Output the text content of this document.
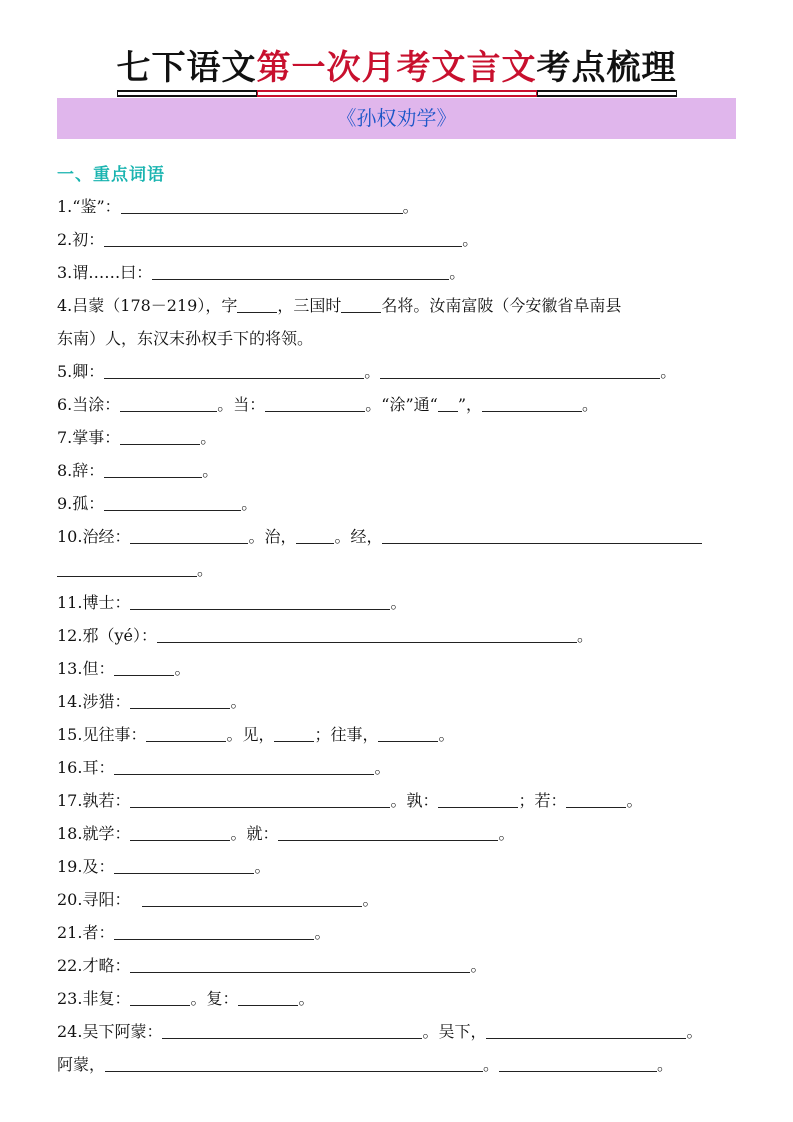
七下语文第一次月考文言文考点梳理
《孙权劝学》
一、重点词语
1.“鉴”：	。
2.初：	。
3.谓……曰：	。
4.吕蒙（178－219），字	，三国时	名将。汝南富陂（今安徽省阜南县
东南）人，东汉末孙权手下的将领。
5.卿：	。	。
6.当涂：	。当：	。“涂”通“ ”，	。
7.掌事：	。
8.辞：	。
9.孤：	。
10.治经：	。治， 。经，
。
11.博士：	。
12.邪（yé）：	。
13.但：	。
14.涉猎：	。
15.见往事：	。见，	；往事，	。
16.耳：	。
17.孰若：	。孰：	；若：	。
18.就学：	。就：	。
19.及：	。
20.寻阳：	。
21.者：	。
22.才略：	。
23.非复：	。复：	。
24.吴下阿蒙：	。吴下，	。
阿蒙，	。	。
